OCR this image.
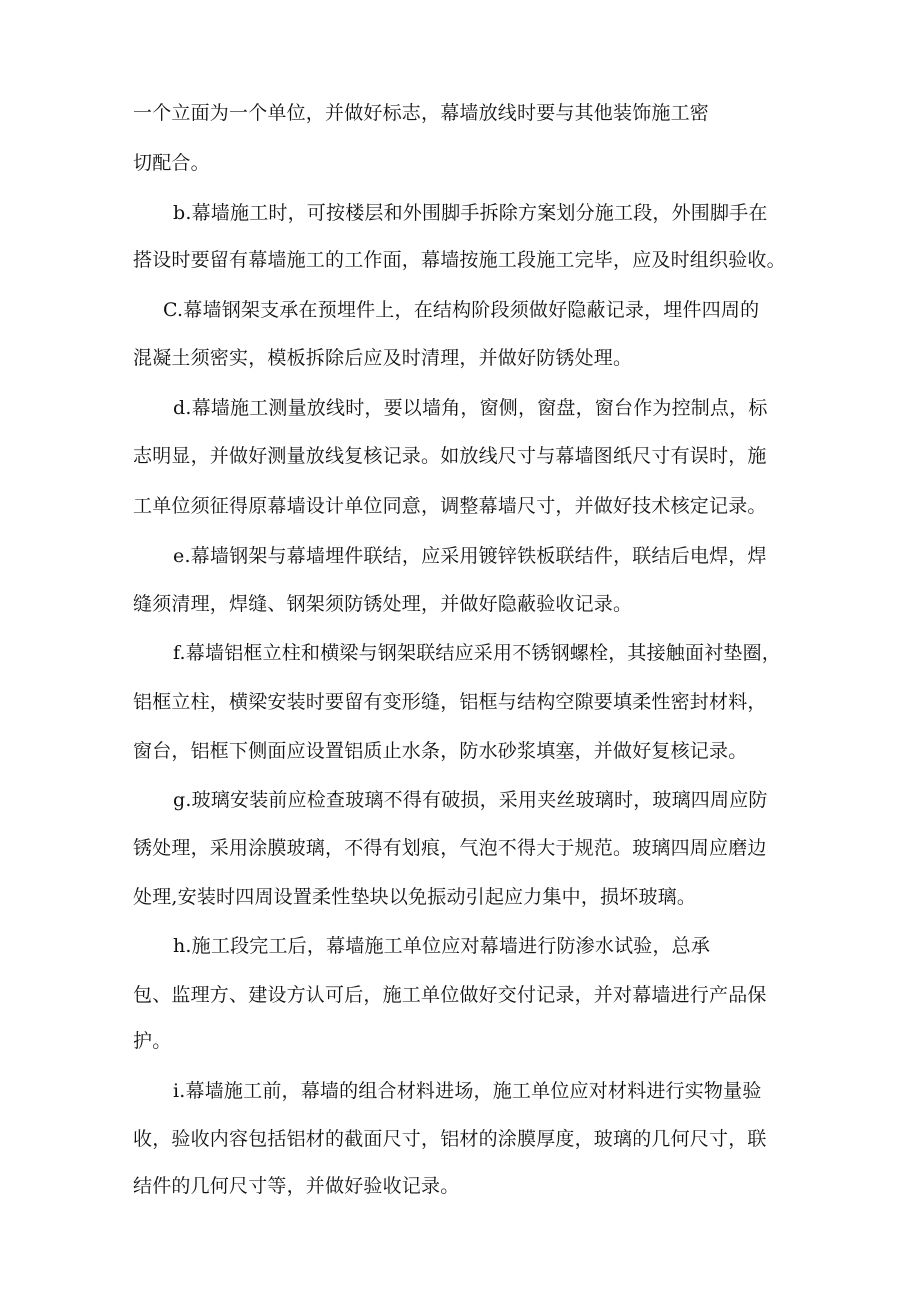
一个立面为一个单位，并做好标志，幕墙放线时要与其他装饰施工密
切配合。
b.幕墙施工时，可按楼层和外围脚手拆除方案划分施工段，外围脚手在
搭设时要留有幕墙施工的工作面，幕墙按施工段施工完毕，应及时组织验收。
C.幕墙钢架支承在预埋件上，在结构阶段须做好隐蔽记录，埋件四周的
混凝土须密实，模板拆除后应及时清理，并做好防锈处理。
d.幕墙施工测量放线时，要以墙角，窗侧，窗盘，窗台作为控制点，标
志明显，并做好测量放线复核记录。如放线尺寸与幕墙图纸尺寸有误时，施
工单位须征得原幕墙设计单位同意，调整幕墙尺寸，并做好技术核定记录。
e.幕墙钢架与幕墙埋件联结，应采用镀锌铁板联结件，联结后电焊，焊
缝须清理，焊缝、钢架须防锈处理，并做好隐蔽验收记录。
f.幕墙铝框立柱和横梁与钢架联结应采用不锈钢螺栓，其接触面衬垫圈，
铝框立柱，横梁安装时要留有变形缝，铝框与结构空隙要填柔性密封材料，
窗台，铝框下侧面应设置铝质止水条，防水砂浆填塞，并做好复核记录。
g.玻璃安装前应检查玻璃不得有破损，采用夹丝玻璃时，玻璃四周应防
锈处理，采用涂膜玻璃，不得有划痕，气泡不得大于规范。玻璃四周应磨边
处理,安装时四周设置柔性垫块以免振动引起应力集中，损坏玻璃。
h.施工段完工后，幕墙施工单位应对幕墙进行防渗水试验，总承
包、监理方、建设方认可后，施工单位做好交付记录，并对幕墙进行产品保
护。
i.幕墙施工前，幕墙的组合材料进场，施工单位应对材料进行实物量验
收，验收内容包括铝材的截面尺寸，铝材的涂膜厚度，玻璃的几何尺寸，联
结件的几何尺寸等，并做好验收记录。
